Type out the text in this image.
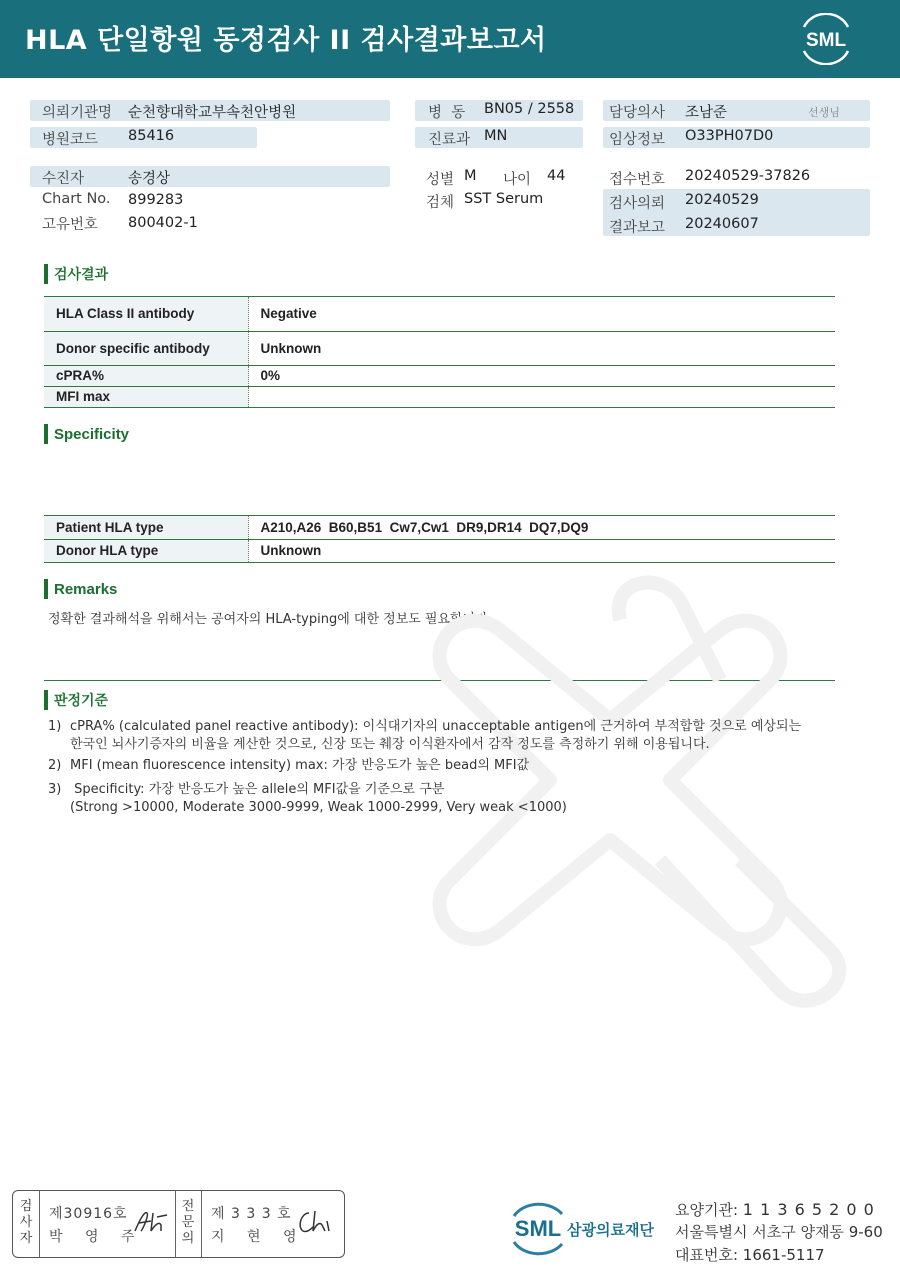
HLA 단일항원 동정검사 II 검사결과보고서	SML
의뢰기관명 순천향대학교부속천안병원
병원코드 85416
병  동 BN05 / 2558
진료과 MN
담당의사 조남준	선생님
임상정보 O33PH07D0
수진자	송경상
Chart No. 899283
고유번호 800402-1
성별 M 나이 44
검체 SST Serum
접수번호 20240529-37826
검사의뢰 20240529
결과보고 20240607
검사결과
HLA Class II antibody	Negative
Donor specific antibody	Unknown
cPRA%	0%
MFI max	
Specificity
Patient HLA type	A210,A26  B60,B51  Cw7,Cw1  DR9,DR14  DQ7,DQ9
Donor HLA type	Unknown
Remarks
정확한 결과해석을 위해서는 공여자의 HLA-typing에 대한 정보도 필요합니다.
판정기준
1) cPRA% (calculated panel reactive antibody): 이식대기자의 unacceptable antigen에 근거하여 부적합할 것으로 예상되는
한국인 뇌사기증자의 비율을 계산한 것으로, 신장 또는 췌장 이식환자에서 감작 정도를 측정하기 위해 이용됩니다.
2) MFI (mean fluorescence intensity) max: 가장 반응도가 높은 bead의 MFI값
3) Specificity: 가장 반응도가 높은 allele의 MFI값을 기준으로 구분
(Strong >10000, Moderate 3000-9999, Weak 1000-2999, Very weak <1000)
검사자
제30916호
박 영 주
전문의
제 3 3 3 호
지 현 영	SML 삼광의료재단
요양기관: 1 1 3 6 5 2 0 0
서울특별시 서초구 양재동 9-60
대표번호: 1661-5117
